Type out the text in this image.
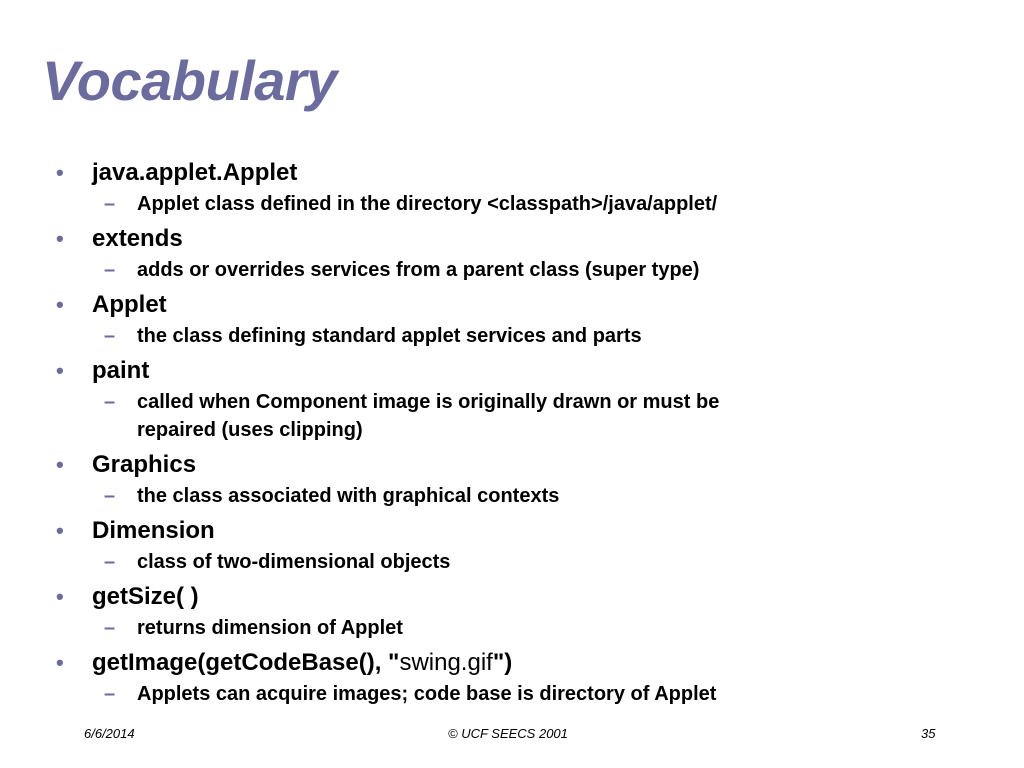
Vocabulary
• java.applet.Applet
– Applet class defined in the directory <classpath>/java/applet/
• extends
– adds or overrides services from a parent class (super type)
• Applet
– the class defining standard applet services and parts
• paint
– called when Component image is originally drawn or must be
repaired (uses clipping)
• Graphics
– the class associated with graphical contexts
• Dimension
– class of two-dimensional objects
• getSize( )
– returns dimension of Applet
• getImage(getCodeBase(), "swing.gif")
– Applets can acquire images; code base is directory of Applet
6/6/2014	© UCF SEECS 2001	35
